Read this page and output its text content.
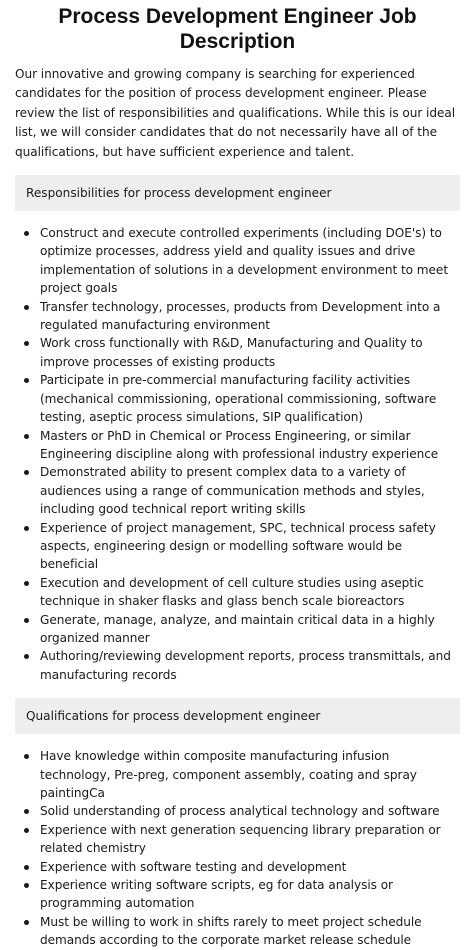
Process Development Engineer Job Description

Our innovative and growing company is searching for experienced candidates for the position of process development engineer. Please review the list of responsibilities and qualifications. While this is our ideal list, we will consider candidates that do not necessarily have all of the qualifications, but have sufficient experience and talent.

Responsibilities for process development engineer
Construct and execute controlled experiments (including DOE's) to optimize processes, address yield and quality issues and drive implementation of solutions in a development environment to meet project goals
Transfer technology, processes, products from Development into a regulated manufacturing environment
Work cross functionally with R&D, Manufacturing and Quality to improve processes of existing products
Participate in pre-commercial manufacturing facility activities (mechanical commissioning, operational commissioning, software testing, aseptic process simulations, SIP qualification)
Masters or PhD in Chemical or Process Engineering, or similar Engineering discipline along with professional industry experience
Demonstrated ability to present complex data to a variety of audiences using a range of communication methods and styles, including good technical report writing skills
Experience of project management, SPC, technical process safety aspects, engineering design or modelling software would be beneficial
Execution and development of cell culture studies using aseptic technique in shaker flasks and glass bench scale bioreactors
Generate, manage, analyze, and maintain critical data in a highly organized manner
Authoring/reviewing development reports, process transmittals, and manufacturing records
Qualifications for process development engineer
Have knowledge within composite manufacturing infusion technology, Pre-preg, component assembly, coating and spray paintingCa
Solid understanding of process analytical technology and software
Experience with next generation sequencing library preparation or related chemistry
Experience with software testing and development
Experience writing software scripts, eg for data analysis or programming automation
Must be willing to work in shifts rarely to meet project schedule demands according to the corporate market release schedule
